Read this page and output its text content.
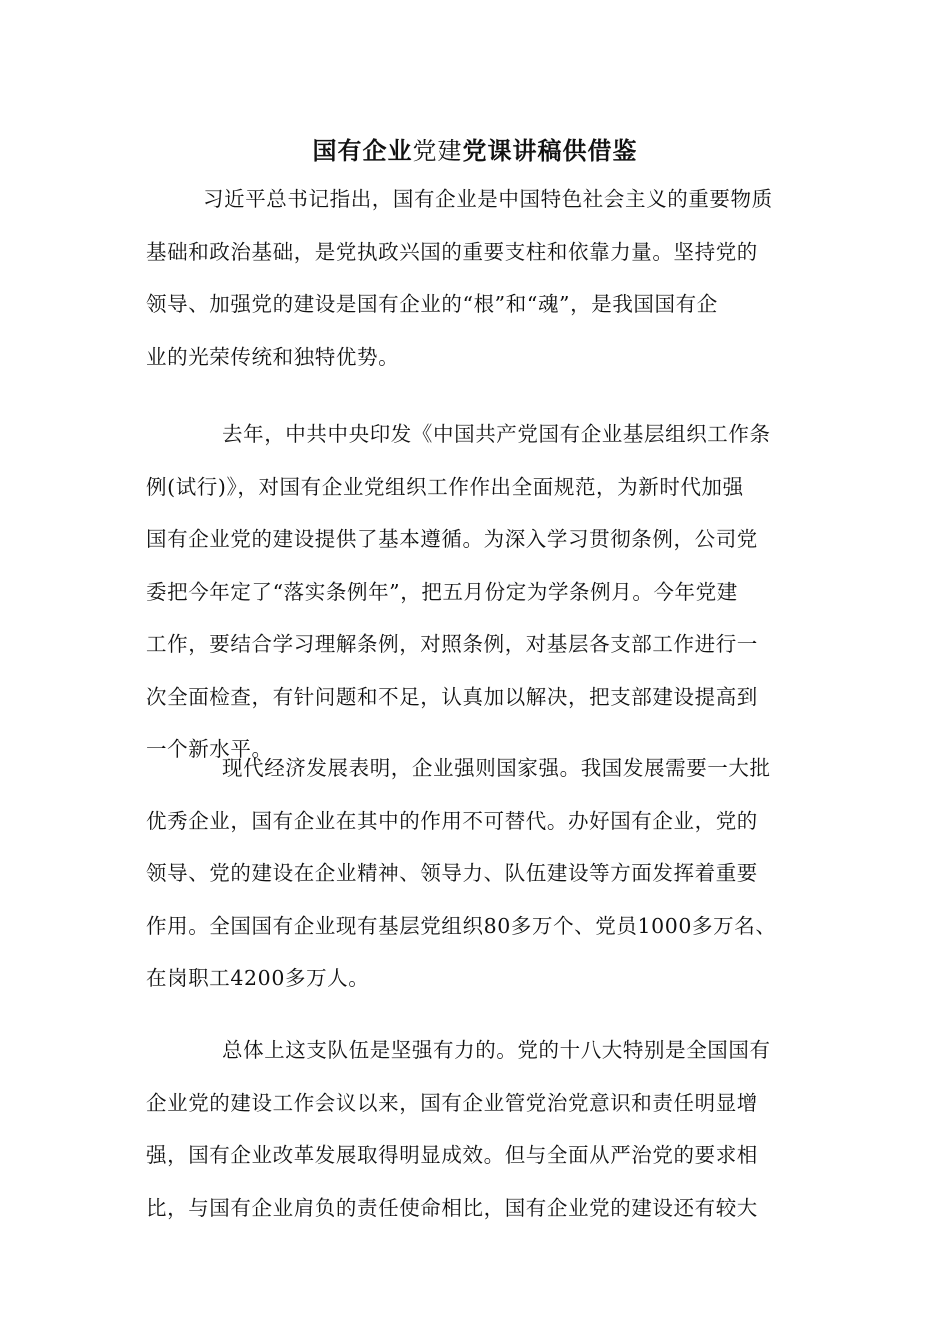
国有企业党建党课讲稿供借鉴
习近平总书记指出，国有企业是中国特色社会主义的重要物质
基础和政治基础，是党执政兴国的重要支柱和依靠力量。坚持党的
领导、加强党的建设是国有企业的“根”和“魂”，是我国国有企
业的光荣传统和独特优势。
去年，中共中央印发《中国共产党国有企业基层组织工作条
例(试行)》，对国有企业党组织工作作出全面规范，为新时代加强
国有企业党的建设提供了基本遵循。为深入学习贯彻条例，公司党
委把今年定了“落实条例年”，把五月份定为学条例月。今年党建
工作，要结合学习理解条例，对照条例，对基层各支部工作进行一
次全面检查，有针问题和不足，认真加以解决，把支部建设提高到
一个新水平。
现代经济发展表明，企业强则国家强。我国发展需要一大批
优秀企业，国有企业在其中的作用不可替代。办好国有企业，党的
领导、党的建设在企业精神、领导力、队伍建设等方面发挥着重要
作用。全国国有企业现有基层党组织80多万个、党员1000多万名、
在岗职工4200多万人。
总体上这支队伍是坚强有力的。党的十八大特别是全国国有
企业党的建设工作会议以来，国有企业管党治党意识和责任明显增
强，国有企业改革发展取得明显成效。但与全面从严治党的要求相
比，与国有企业肩负的责任使命相比，国有企业党的建设还有较大
